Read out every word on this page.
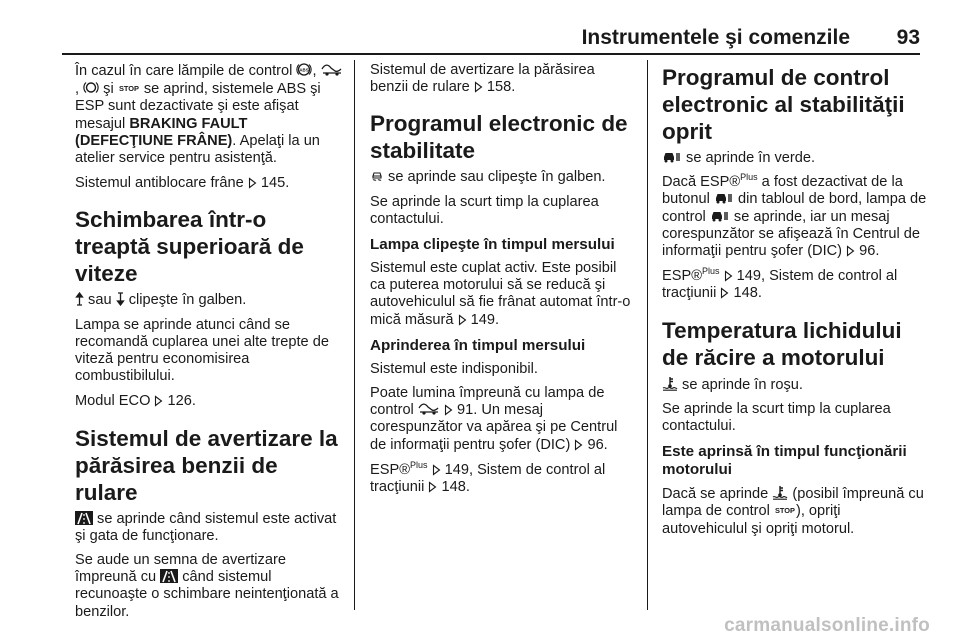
Instrumentele şi comenzile 93

În cazul în care lămpile de control ABS ,
,
şi STOP se aprind, sistemele ABS şi ESP sunt dezactivate şi este afişat mesajul BRAKING FAULT (DEFECŢIUNE FRÂNE). Apelaţi la un atelier service pentru asistenţă.

Sistemul antiblocare frâne
145.

Schimbarea într-o treaptă superioară de viteze

sau
clipeşte în galben.

Lampa se aprinde atunci când se recomandă cuplarea unei alte trepte de viteză pentru economisirea combustibilului.

Modul ECO
126.

Sistemul de avertizare la părăsirea benzii de rulare

se aprinde când sistemul este activat şi gata de funcţionare.

Se aude un semna de avertizare împreună cu
când sistemul recunoaşte o schimbare neintenţionată a benzilor.

Sistemul de avertizare la părăsirea benzii de rulare
158.

Programul electronic de stabilitate

se aprinde sau clipeşte în galben.

Se aprinde la scurt timp la cuplarea contactului.

Lampa clipeşte în timpul mersului

Sistemul este cuplat activ. Este posibil ca puterea motorului să se reducă şi autovehiculul să fie frânat automat într-o mică măsură
149.

Aprinderea în timpul mersului

Sistemul este indisponibil.

Poate lumina împreună cu lampa de control
	91. Un mesaj corespunzător va apărea şi pe Centrul de informaţii pentru şofer (DIC)
96.

ESP®$^{Plus}$ 149, Sistem de control al tracţiunii
148.

Programul de control electronic al stabilităţii oprit

se aprinde în verde.

Dacă ESP®$^{Plus}$ a fost dezactivat de la butonul
din tabloul de bord, lampa de control
se aprinde, iar un mesaj corespunzător se afişează în Centrul de informaţii pentru şofer (DIC)
96.

ESP®$^{Plus}$ 149, Sistem de control al tracţiunii
148.

Temperatura lichidului de răcire a motorului

se aprinde în roşu.

Se aprinde la scurt timp la cuplarea contactului.

Este aprinsă în timpul funcţionării motorului

Dacă se aprinde
(posibil împreună cu lampa de control STOP ), opriţi autovehiculul şi opriţi motorul.

carmanualsonline.info
